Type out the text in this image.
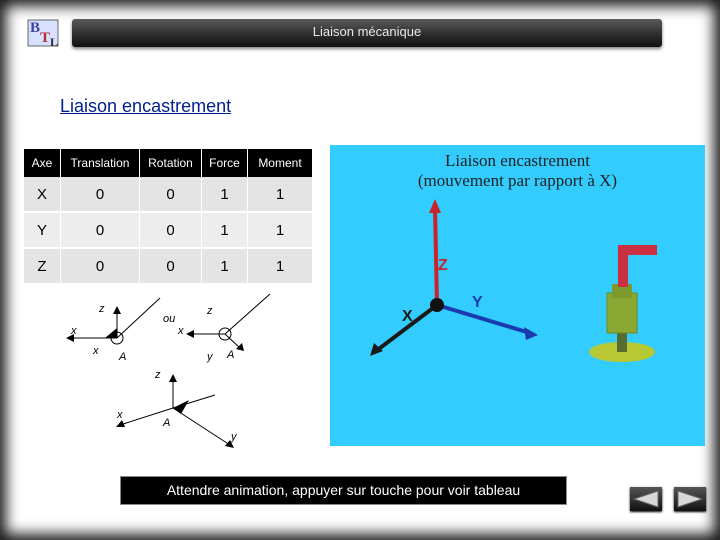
B
T L
Liaison mécanique
Liaison encastrement
Axe	Translation	Rotation	Force	Moment
X	0	0	1	1
Y	0	0	1	1
Z	0	0	1	1
z
x
x A
ou
z
x
y A
z
x
A
y
Liaison encastrement
(mouvement par rapport à X)
Z
Y
X
Attendre animation, appuyer sur touche pour voir tableau
